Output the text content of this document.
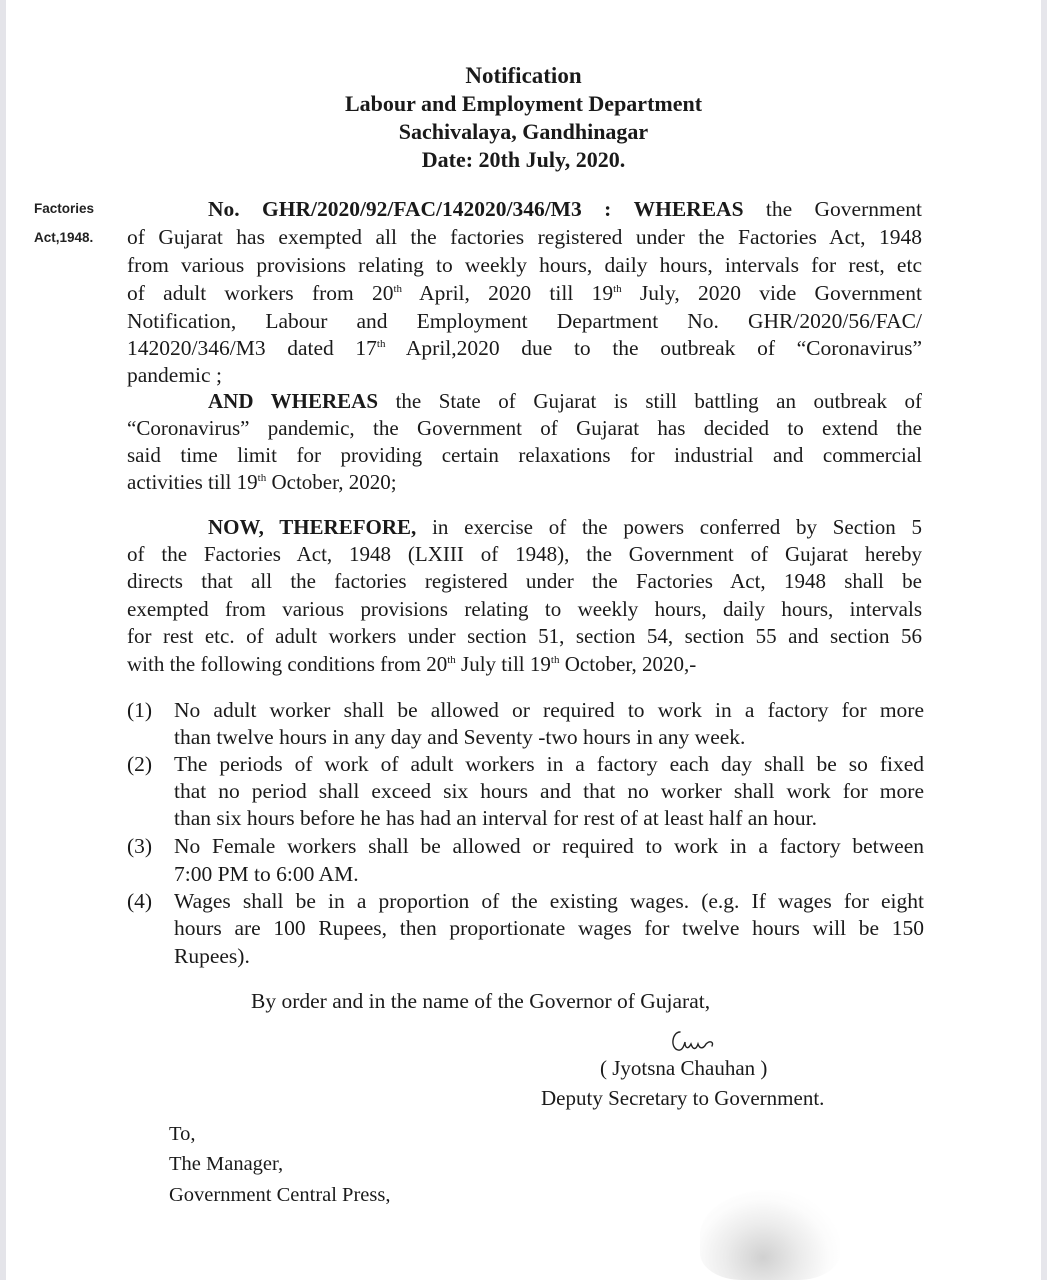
Notification
Labour and Employment Department
Sachivalaya, Gandhinagar
Date: 20th July, 2020.
Factories
Act,1948.
No. GHR/2020/92/FAC/142020/346/M3 : WHEREAS the Government
of Gujarat has exempted all the factories registered under the Factories Act, 1948
from various provisions relating to weekly hours, daily hours, intervals for rest, etc
of adult workers from 20th April, 2020 till 19th July, 2020 vide Government
Notification, Labour and Employment Department No. GHR/2020/56/FAC/
142020/346/M3 dated 17th April,2020 due to the outbreak of “Coronavirus”
pandemic ;
AND WHEREAS the State of Gujarat is still battling an outbreak of
“Coronavirus” pandemic, the Government of Gujarat has decided to extend the
said time limit for providing certain relaxations for industrial and commercial
activities till 19th October, 2020;
NOW, THEREFORE, in exercise of the powers conferred by Section 5
of the Factories Act, 1948 (LXIII of 1948), the Government of Gujarat hereby
directs that all the factories registered under the Factories Act, 1948 shall be
exempted from various provisions relating to weekly hours, daily hours, intervals
for rest etc. of adult workers under section 51, section 54, section 55 and section 56
with the following conditions from 20th July till 19th October, 2020,-
(1) No adult worker shall be allowed or required to work in a factory for more
than twelve hours in any day and Seventy -two hours in any week.
(2) The periods of work of adult workers in a factory each day shall be so fixed
that no period shall exceed six hours and that no worker shall work for more
than six hours before he has had an interval for rest of at least half an hour.
(3) No Female workers shall be allowed or required to work in a factory between
7:00 PM to 6:00 AM.
(4) Wages shall be in a proportion of the existing wages. (e.g. If wages for eight
hours are 100 Rupees, then proportionate wages for twelve hours will be 150
Rupees).
By order and in the name of the Governor of Gujarat,
( Jyotsna Chauhan )
Deputy Secretary to Government.
To,
The Manager,
Government Central Press,
